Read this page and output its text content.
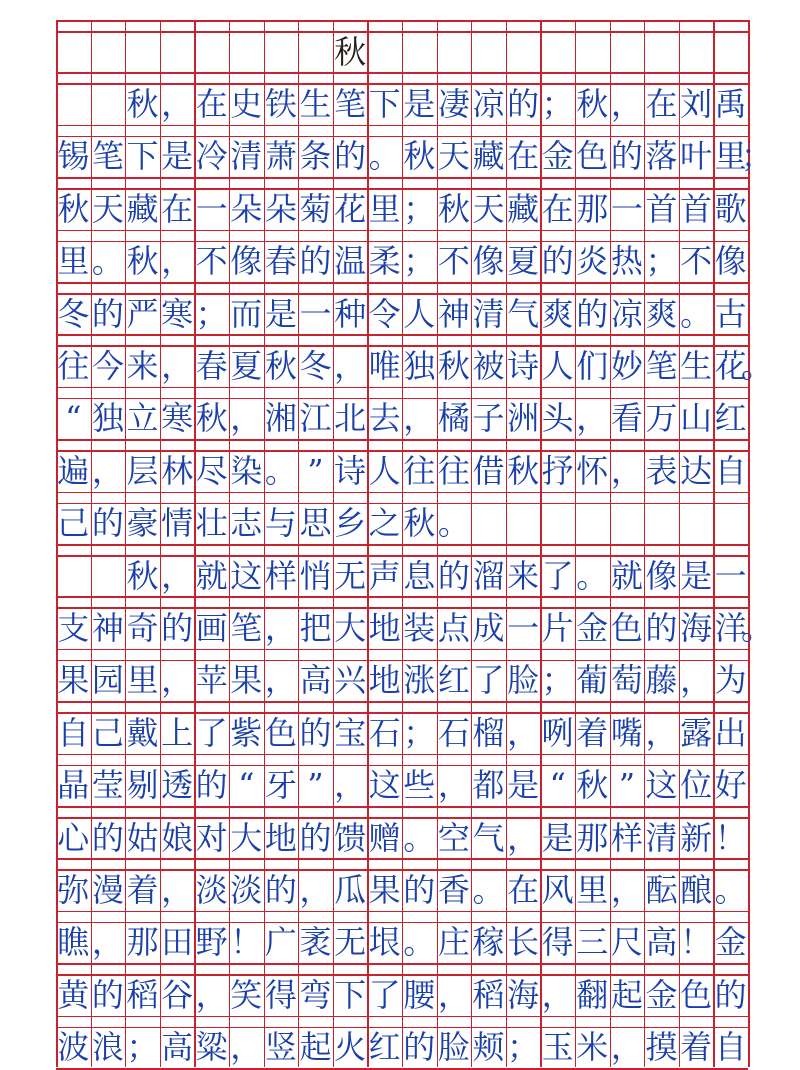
秋
秋 ， 在 史 铁 生 笔 下 是 凄 凉 的 ； 秋 ， 在 刘 禹
锡 笔 下 是 冷 清 萧 条 的 。 秋 天 藏 在 金 色 的 落 叶 里
；
秋 天 藏 在 一 朵 朵 菊 花 里 ； 秋 天 藏 在 那 一 首 首 歌
里 。 秋 ， 不 像 春 的 温 柔 ； 不 像 夏 的 炎 热 ； 不 像
冬 的 严 寒 ； 而 是 一 种 令 人 神 清 气 爽 的 凉 爽 。 古
往 今 来 ， 春 夏 秋 冬 ， 唯 独 秋 被 诗 人 们 妙 笔 生 花
。
“ 独 立 寒 秋 ， 湘 江 北 去 ， 橘 子 洲 头 ， 看 万 山 红
遍 ， 层 林 尽 染 。 ” 诗 人 往 往 借 秋 抒 怀 ， 表 达 自
己 的 豪 情 壮 志 与 思 乡 之 秋 。
秋 ， 就 这 样 悄 无 声 息 的 溜 来 了 。 就 像 是 一
支 神 奇 的 画 笔 ， 把 大 地 装 点 成 一 片 金 色 的 海 洋
。
果 园 里 ， 苹 果 ， 高 兴 地 涨 红 了 脸 ； 葡 萄 藤 ， 为
自 己 戴 上 了 紫 色 的 宝 石 ； 石 榴 ， 咧 着 嘴 ， 露 出
晶 莹 剔 透 的 “ 牙 ” ， 这 些 ， 都 是 “ 秋 ” 这 位 好
心 的 姑 娘 对 大 地 的 馈 赠 。 空 气 ， 是 那 样 清 新 ！
弥 漫 着 ， 淡 淡 的 ， 瓜 果 的 香 。 在 风 里 ， 酝 酿 。
瞧 ， 那 田 野 ！ 广 袤 无 垠 。 庄 稼 长 得 三 尺 高 ！ 金
黄 的 稻 谷 ， 笑 得 弯 下 了 腰 ， 稻 海 ， 翻 起 金 色 的
波 浪 ； 高 粱 ， 竖 起 火 红 的 脸 颊 ； 玉 米 ， 摸 着 自
